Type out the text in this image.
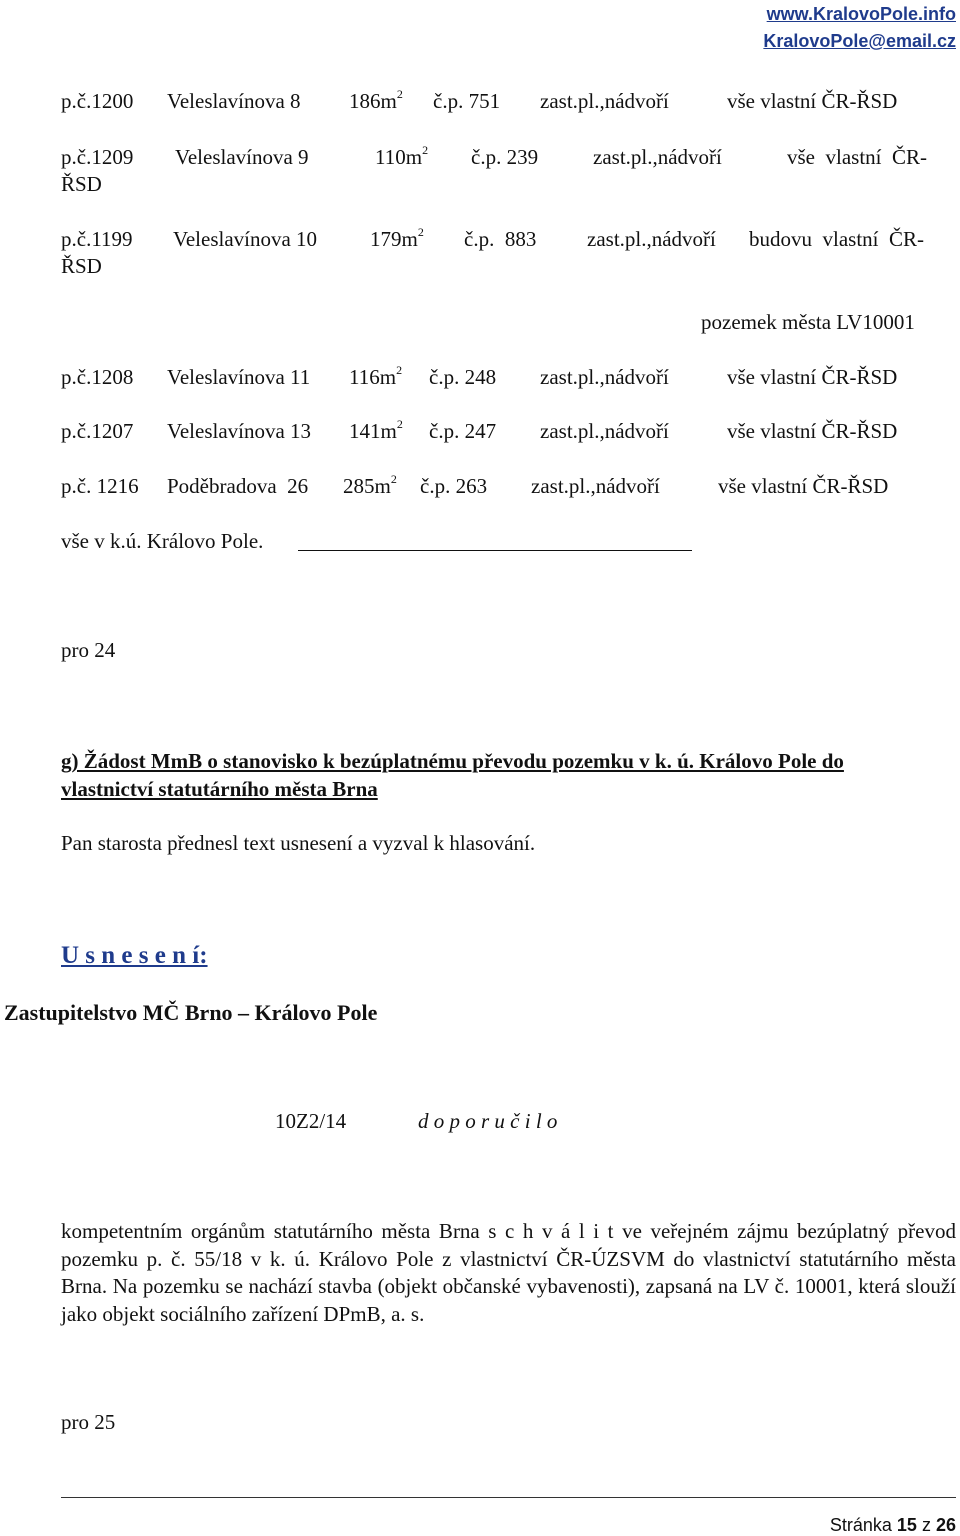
www.KralovoPole.info
KralovoPole@email.cz
p.č.1200 Veleslavínova 8 $186m^2$ č.p. 751 zast.pl.,nádvoří	vše vlastní ČR-ŘSD
p.č.1209 Veleslavínova 9	$110m^2$ č.p. 239	zast.pl.,nádvoří	vše  vlastní  ČR-
ŘSD
p.č.1199 Veleslavínova 10	$179m^2$ č.p.  883 zast.pl.,nádvoří budovu  vlastní  ČR-
ŘSD
pozemek města LV10001
p.č.1208 Veleslavínova 11 $116m^2$ č.p. 248 zast.pl.,nádvoří	vše vlastní ČR-ŘSD
p.č.1207 Veleslavínova 13 $141m^2$ č.p. 247 zast.pl.,nádvoří	vše vlastní ČR-ŘSD
p.č. 1216 Poděbradova  26 $285m^2$ č.p. 263 zast.pl.,nádvoří	vše vlastní ČR-ŘSD
vše v k.ú. Královo Pole.
pro 24
g) Žádost MmB o stanovisko k bezúplatnému převodu pozemku v k. ú. Královo Pole do
vlastnictví statutárního města Brna
Pan starosta přednesl text usnesení a vyzval k hlasování.
U s n e s e n í:
Zastupitelstvo MČ Brno – Královo Pole
10Z2/14	d o p o r u č i l o
kompetentním orgánům statutárního města Brna s c h v á l i t ve veřejném zájmu bezúplatný převod pozemku p. č. 55/18 v k. ú. Královo Pole z vlastnictví ČR-ÚZSVM do vlastnictví statutárního města Brna. Na pozemku se nachází stavba (objekt občanské vybavenosti), zapsaná na LV č. 10001, která slouží jako objekt sociálního zařízení DPmB, a. s.
pro 25
Stránka 15 z 26
